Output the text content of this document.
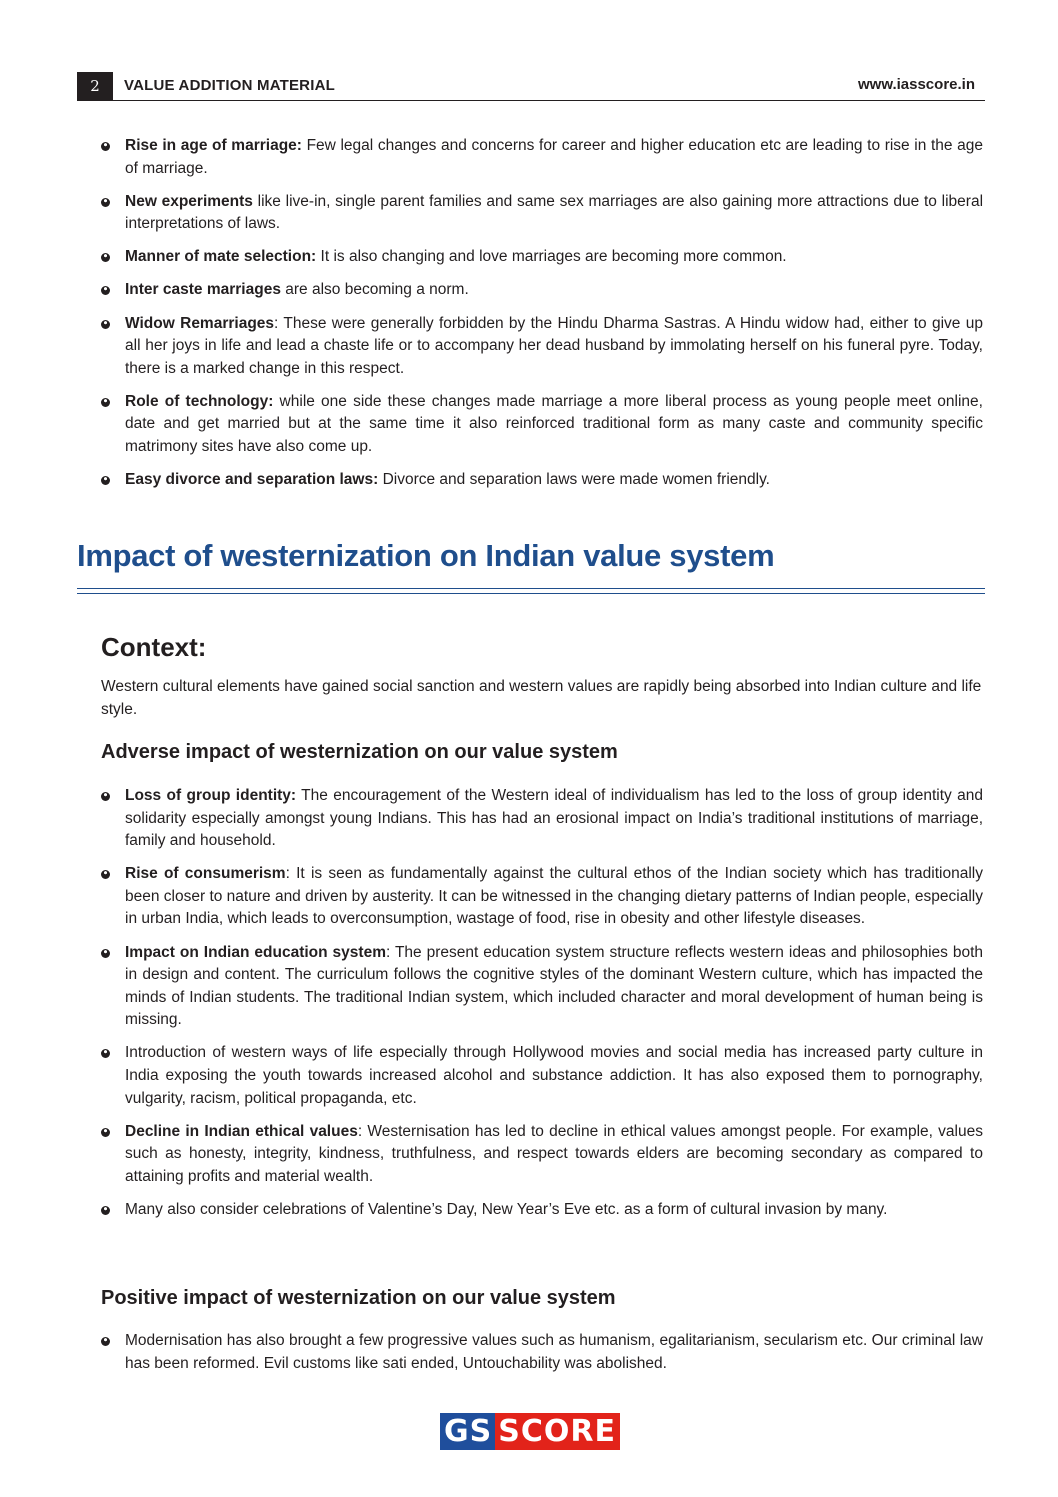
2	VALUE ADDITION MATERIAL	www.iasscore.in
Rise in age of marriage: Few legal changes and concerns for career and higher education etc are leading to rise in the age of marriage.
New experiments like live-in, single parent families and same sex marriages are also gaining more attractions due to liberal interpretations of laws.
Manner of mate selection: It is also changing and love marriages are becoming more common.
Inter caste marriages are also becoming a norm.
Widow Remarriages: These were generally forbidden by the Hindu Dharma Sastras. A Hindu widow had, either to give up all her joys in life and lead a chaste life or to accompany her dead husband by immolating herself on his funeral pyre. Today, there is a marked change in this respect.
Role of technology: while one side these changes made marriage a more liberal process as young people meet online, date and get married but at the same time it also reinforced traditional form as many caste and community specific matrimony sites have also come up.
Easy divorce and separation laws: Divorce and separation laws were made women friendly.
Impact of westernization on Indian value system
Context:
Western cultural elements have gained social sanction and western values are rapidly being absorbed into Indian culture and life style.
Adverse impact of westernization on our value system
Loss of group identity: The encouragement of the Western ideal of individualism has led to the loss of group identity and solidarity especially amongst young Indians. This has had an erosional impact on India’s traditional institutions of marriage, family and household.
Rise of consumerism: It is seen as fundamentally against the cultural ethos of the Indian society which has traditionally been closer to nature and driven by austerity. It can be witnessed in the changing dietary patterns of Indian people, especially in urban India, which leads to overconsumption, wastage of food, rise in obesity and other lifestyle diseases.
Impact on Indian education system: The present education system structure reflects western ideas and philosophies both in design and content. The curriculum follows the cognitive styles of the dominant Western culture, which has impacted the minds of Indian students. The traditional Indian system, which included character and moral development of human being is missing.
Introduction of western ways of life especially through Hollywood movies and social media has increased party culture in India exposing the youth towards increased alcohol and substance addiction. It has also exposed them to pornography, vulgarity, racism, political propaganda, etc.
Decline in Indian ethical values: Westernisation has led to decline in ethical values amongst people. For example, values such as honesty, integrity, kindness, truthfulness, and respect towards elders are becoming secondary as compared to attaining profits and material wealth.
Many also consider celebrations of Valentine’s Day, New Year’s Eve etc. as a form of cultural invasion by many.
Positive impact of westernization on our value system
Modernisation has also brought a few progressive values such as humanism, egalitarianism, secularism etc. Our criminal law has been reformed. Evil customs like sati ended, Untouchability was abolished.
GS SCORE
